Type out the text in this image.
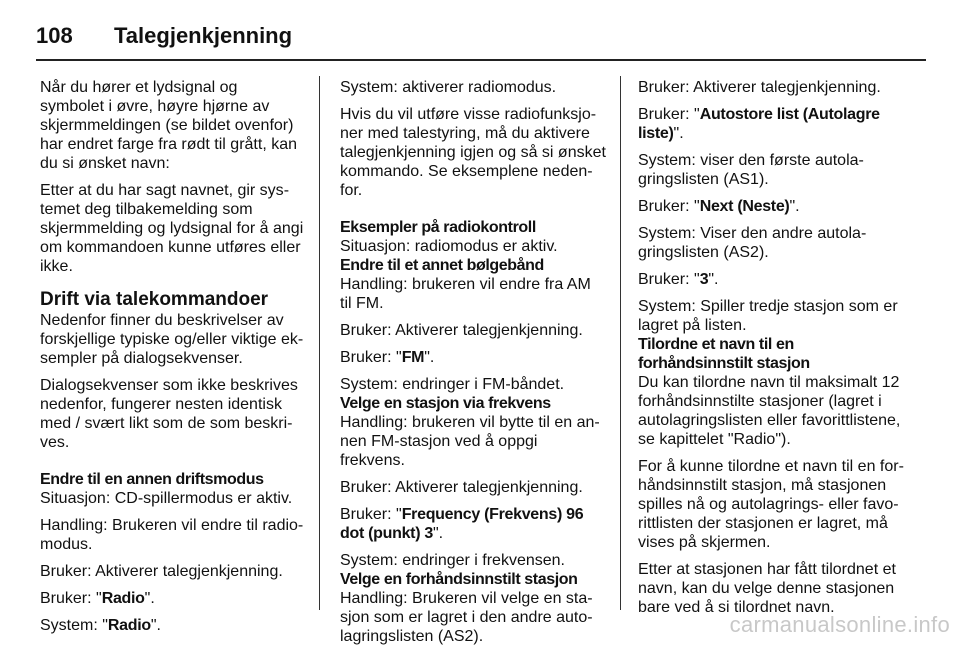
108	Talegjenkjenning

Når du hører et lydsignal og symbolet i øvre, høyre hjørne av skjermmeldingen (se bildet ovenfor) har endret farge fra rødt til grått, kan du si ønsket navn:

Etter at du har sagt navnet, gir systemet deg tilbakemelding som skjermmelding og lydsignal for å angi om kommandoen kunne utføres eller ikke.

Drift via talekommandoer

Nedenfor finner du beskrivelser av forskjellige typiske og/eller viktige eksempler på dialogsekvenser.

Dialogsekvenser som ikke beskrives nedenfor, fungerer nesten identisk med / svært likt som de som beskrives.

Endre til en annen driftsmodus

Situasjon: CD-spillermodus er aktiv.

Handling: Brukeren vil endre til radiomodus.

Bruker: Aktiverer talegjenkjenning.

Bruker: "Radio".

System: "Radio".

System: aktiverer radiomodus.

Hvis du vil utføre visse radiofunksjoner med talestyring, må du aktivere talegjenkjenning igjen og så si ønsket kommando. Se eksemplene nedenfor.

Eksempler på radiokontroll

Situasjon: radiomodus er aktiv.

Endre til et annet bølgebånd

Handling: brukeren vil endre fra AM til FM.

Bruker: Aktiverer talegjenkjenning.

Bruker: "FM".

System: endringer i FM-båndet.

Velge en stasjon via frekvens

Handling: brukeren vil bytte til en annen FM-stasjon ved å oppgi frekvens.

Bruker: Aktiverer talegjenkjenning.

Bruker: "Frequency (Frekvens) 96 dot (punkt) 3".

System: endringer i frekvensen.

Velge en forhåndsinnstilt stasjon

Handling: Brukeren vil velge en stasjon som er lagret i den andre autolagringslisten (AS2).

Bruker: Aktiverer talegjenkjenning.

Bruker: "Autostore list (Autolagre liste)".

System: viser den første autolagringslisten (AS1).

Bruker: "Next (Neste)".

System: Viser den andre autolagringslisten (AS2).

Bruker: "3".

System: Spiller tredje stasjon som er lagret på listen.

Tilordne et navn til en forhåndsinnstilt stasjon

Du kan tilordne navn til maksimalt 12 forhåndsinnstilte stasjoner (lagret i autolagringslisten eller favorittlistene, se kapittelet "Radio").

For å kunne tilordne et navn til en forhåndsinnstilt stasjon, må stasjonen spilles nå og autolagrings- eller favorittlisten der stasjonen er lagret, må vises på skjermen.

Etter at stasjonen har fått tilordnet et navn, kan du velge denne stasjonen bare ved å si tilordnet navn.

carmanualsonline.info
